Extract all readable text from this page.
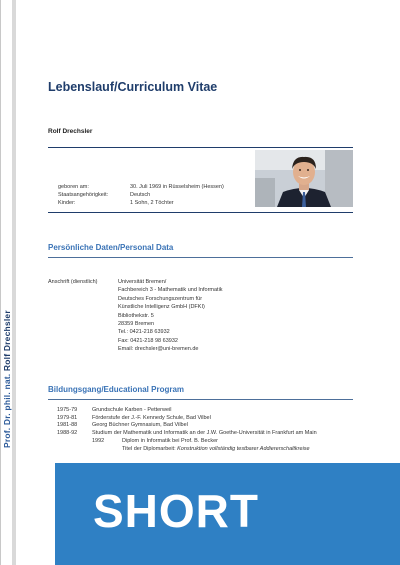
Prof. Dr. phil. nat. Rolf Drechsler
Lebenslauf/Curriculum Vitae
Rolf Drechsler
geboren am:	30. Juli 1969 in Rüsselsheim (Hessen)
Staatsangehörigkeit:	Deutsch
Kinder:	1 Sohn, 2 Töchter
Persönliche Daten/Personal Data
Anschrift (dienstlich)	Universität Bremen/
Fachbereich 3 - Mathematik und Informatik
Deutsches Forschungszentrum für
Künstliche Intelligenz GmbH (DFKI)
Bibliothekstr. 5
28359 Bremen
Tel.: 0421-218 63932
Fax: 0421-218 98 63932
Email: drechsler@uni-bremen.de
Bildungsgang/Educational Program
1975-79	Grundschule Karben - Petterweil
1979-81	Förderstufe der J.-F. Kennedy Schule, Bad Vilbel
1981-88	Georg Büchner Gymnasium, Bad Vilbel
1988-92	Studium der Mathematik und Informatik an der J.W. Goethe-Universität in Frankfurt am Main
1992	Diplom in Informatik bei Prof. B. Becker
Titel der Diplomarbeit: Konstruktion vollständig testbarer Addiererschaltkreise
SHORT
